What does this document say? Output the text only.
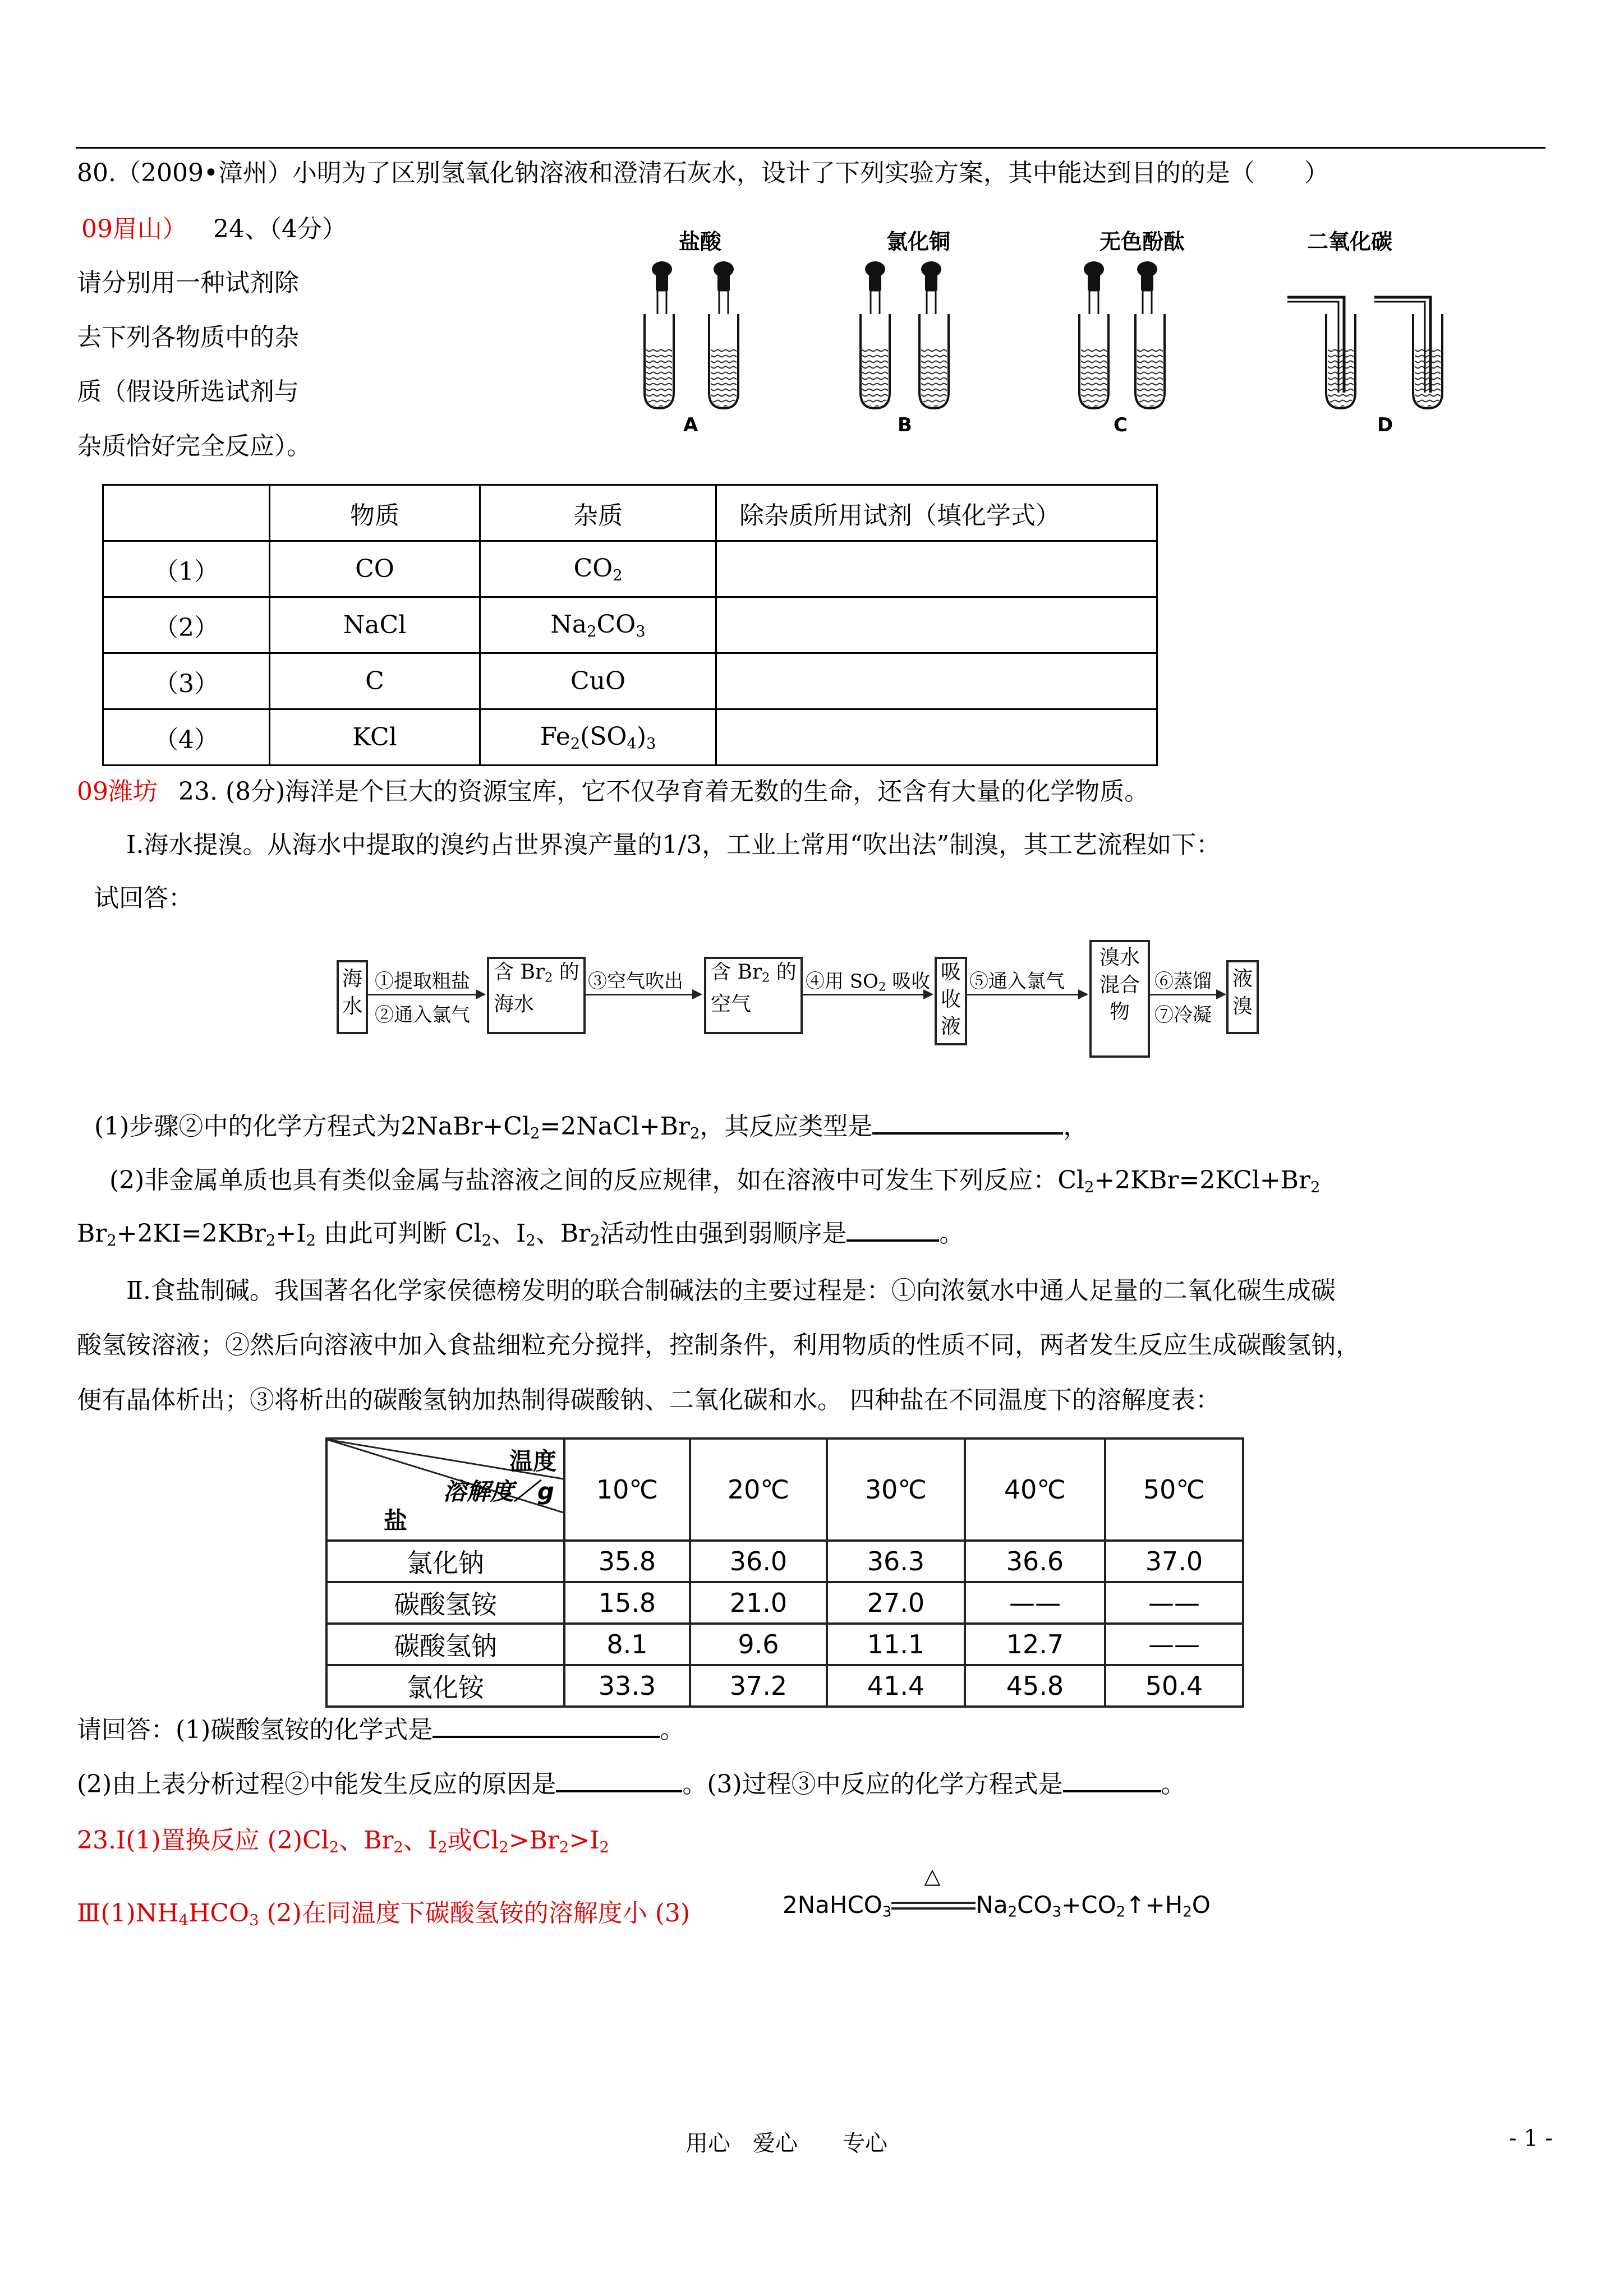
80.（2009•漳州）小明为了区别氢氧化钠溶液和澄清石灰水，设计了下列实验方案，其中能达到目的的是（　　）
09眉山） 24、（4分）
请分别用一种试剂除
去下列各物质中的杂
质（假设所选试剂与
杂质恰好完全反应）。
盐酸	氯化铜	无色酚酞	二氧化碳
A	B	C	D
	物质	杂质	除杂质所用试剂（填化学式）
（1）	CO	$CO_2$	
（2）	NaCl	$Na_2CO_3$	
（3）	C	CuO	
（4）	KCl	$Fe_2(SO_4)_3$	
09潍坊 23. (8分)海洋是个巨大的资源宝库，它不仅孕育着无数的生命，还含有大量的化学物质。
Ⅰ.海水提溴。从海水中提取的溴约占世界溴产量的1/3，工业上常用“吹出法”制溴，其工艺流程如下：
试回答：
海
水
①提取粗盐
②通入氯气
含 $Br_2$ 的
海水
③空气吹出 含 $Br_2$ 的
空气
④用 $SO_2$ 吸收 吸
收
液
⑤通入氯气
溴水
混合
物
⑥蒸馏
⑦冷凝
液
溴
(1)步骤②中的化学方程式为$2NaBr+Cl_2=2NaCl+Br_2$，其反应类型是	，
(2)非金属单质也具有类似金属与盐溶液之间的反应规律，如在溶液中可发生下列反应：$Cl_2+2KBr=2KCl+Br_2$
$Br_2+2KI=2KBr_2+I_2$ 由此可判断 $Cl_2$、$I_2$、$Br_2$活动性由强到弱顺序是	。
Ⅱ.食盐制碱。我国著名化学家侯德榜发明的联合制碱法的主要过程是：①向浓氨水中通人足量的二氧化碳生成碳
酸氢铵溶液；②然后向溶液中加入食盐细粒充分搅拌，控制条件，利用物质的性质不同，两者发生反应生成碳酸氢钠，
便有晶体析出；③将析出的碳酸氢钠加热制得碳酸钠、二氧化碳和水。 四种盐在不同温度下的溶解度表：
温度
溶解度／g
盐	10℃	20℃	30℃	40℃	50℃
氯化钠	35.8	36.0	36.3	36.6	37.0
碳酸氢铵	15.8	21.0	27.0	——	——
碳酸氢钠	8.1	9.6	11.1	12.7	——
氯化铵	33.3	37.2	41.4	45.8	50.4
请回答：(1)碳酸氢铵的化学式是	。
(2)由上表分析过程②中能发生反应的原因是	。(3)过程③中反应的化学方程式是	。
23.Ⅰ(1)置换反应 $(2)Cl_2$、$Br_2$、$I_2$或$Cl_2>Br_2>I_2$
$Ⅲ(1)NH_4HCO_3$ (2)在同温度下碳酸氢铵的溶解度小 (3)	2NaHCO$_3$
△
$Na_2CO_3+CO_2↑+H_2O$
用心　爱心　　专心	- 1 -
